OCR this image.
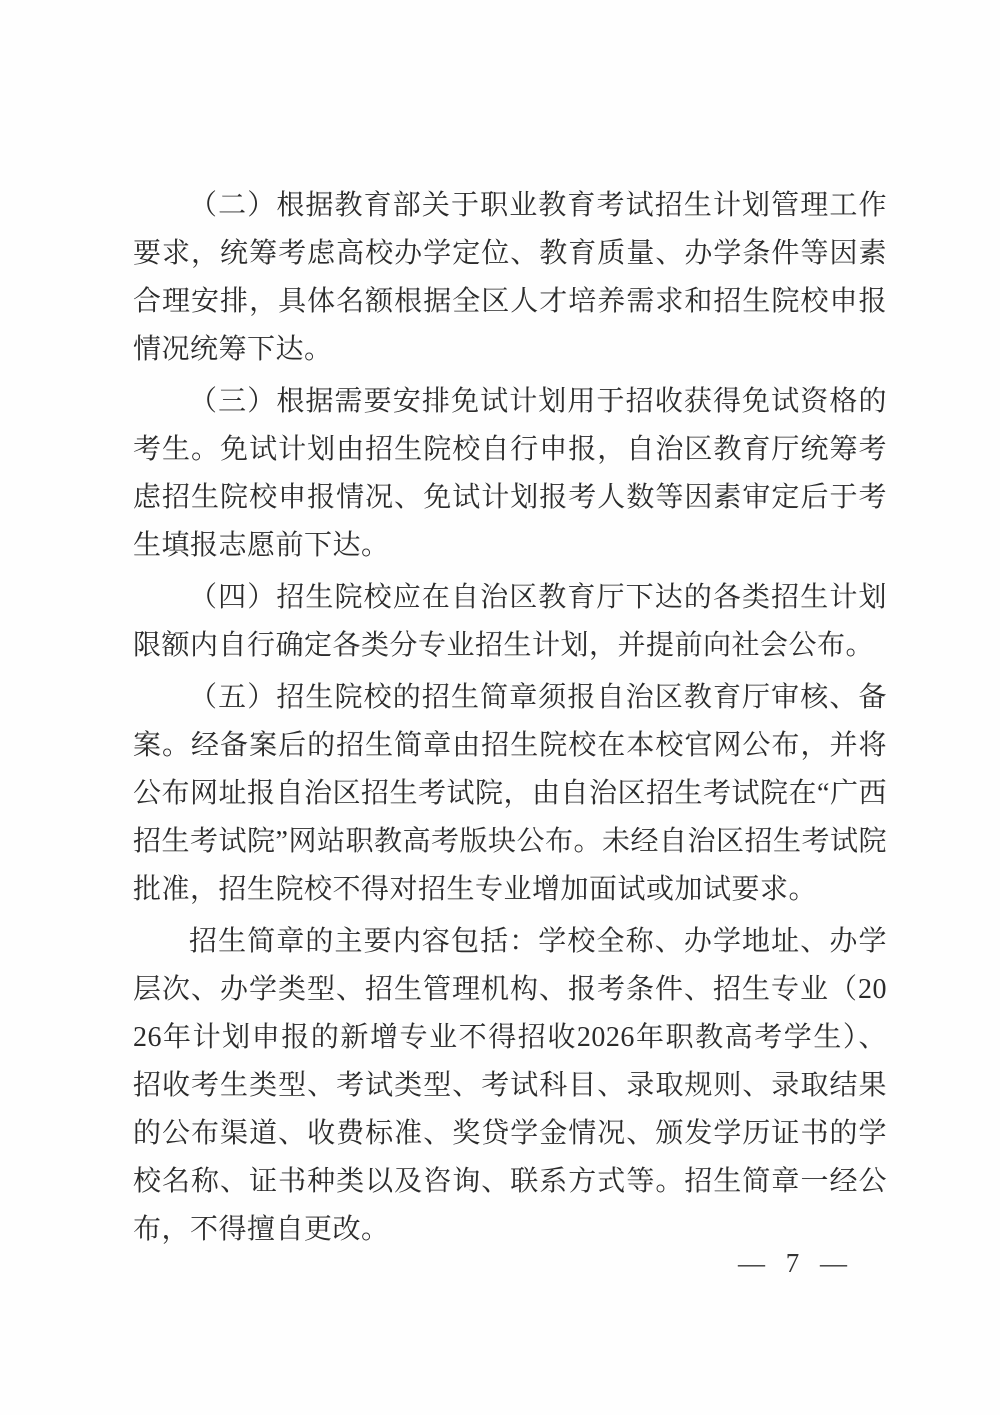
（二）根据教育部关于职业教育考试招生计划管理工作要求，统筹考虑高校办学定位、教育质量、办学条件等因素合理安排，具体名额根据全区人才培养需求和招生院校申报情况统筹下达。

（三）根据需要安排免试计划用于招收获得免试资格的考生。免试计划由招生院校自行申报，自治区教育厅统筹考虑招生院校申报情况、免试计划报考人数等因素审定后于考生填报志愿前下达。

（四）招生院校应在自治区教育厅下达的各类招生计划限额内自行确定各类分专业招生计划，并提前向社会公布。

（五）招生院校的招生简章须报自治区教育厅审核、备案。经备案后的招生简章由招生院校在本校官网公布，并将公布网址报自治区招生考试院，由自治区招生考试院在“广西招生考试院”网站职教高考版块公布。未经自治区招生考试院批准，招生院校不得对招生专业增加面试或加试要求。

招生简章的主要内容包括：学校全称、办学地址、办学层次、办学类型、招生管理机构、报考条件、招生专业（2026年计划申报的新增专业不得招收2026年职教高考学生）、招收考生类型、考试类型、考试科目、录取规则、录取结果的公布渠道、收费标准、奖贷学金情况、颁发学历证书的学校名称、证书种类以及咨询、联系方式等。招生简章一经公布，不得擅自更改。

— 7 —
